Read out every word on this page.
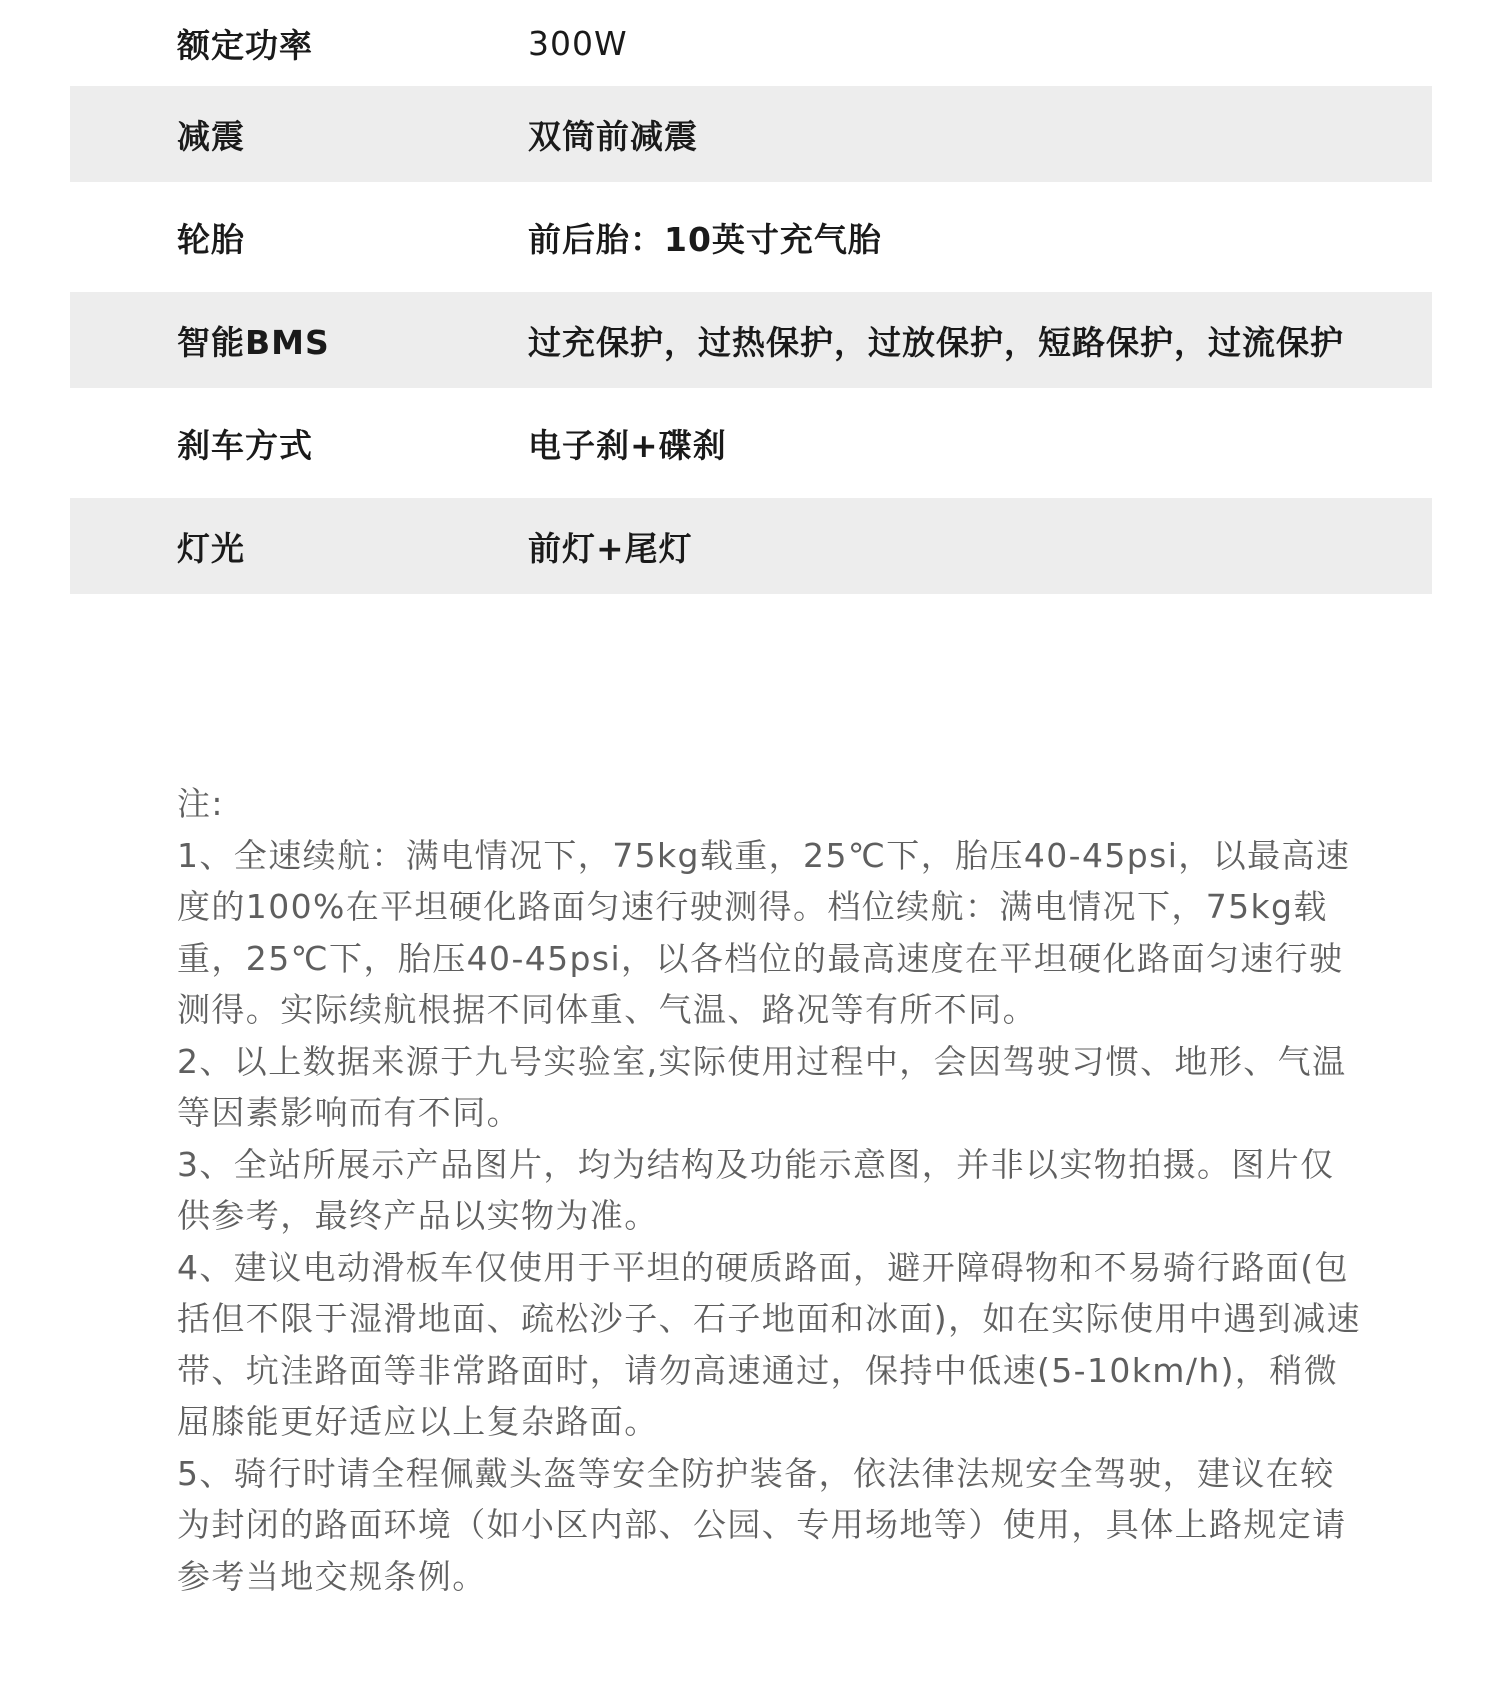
额定功率	300W
减震	双筒前减震
轮胎	前后胎：10英寸充气胎
智能BMS	过充保护，过热保护，过放保护，短路保护，过流保护
刹车方式	电子刹+碟刹
灯光	前灯+尾灯

注:

1、全速续航：满电情况下，75kg载重，25℃下，胎压40-45psi，以最高速度的100%在平坦硬化路面匀速行驶测得。档位续航：满电情况下，75kg载重，25℃下，胎压40-45psi，以各档位的最高速度在平坦硬化路面匀速行驶测得。实际续航根据不同体重、气温、路况等有所不同。

2、以上数据来源于九号实验室,实际使用过程中，会因驾驶习惯、地形、气温等因素影响而有不同。

3、全站所展示产品图片，均为结构及功能示意图，并非以实物拍摄。图片仅供参考，最终产品以实物为准。

4、建议电动滑板车仅使用于平坦的硬质路面，避开障碍物和不易骑行路面(包括但不限于湿滑地面、疏松沙子、石子地面和冰面)，如在实际使用中遇到减速带、坑洼路面等非常路面时，请勿高速通过，保持中低速(5-10km/h)，稍微屈膝能更好适应以上复杂路面。

5、骑行时请全程佩戴头盔等安全防护装备，依法律法规安全驾驶，建议在较为封闭的路面环境（如小区内部、公园、专用场地等）使用，具体上路规定请参考当地交规条例。
